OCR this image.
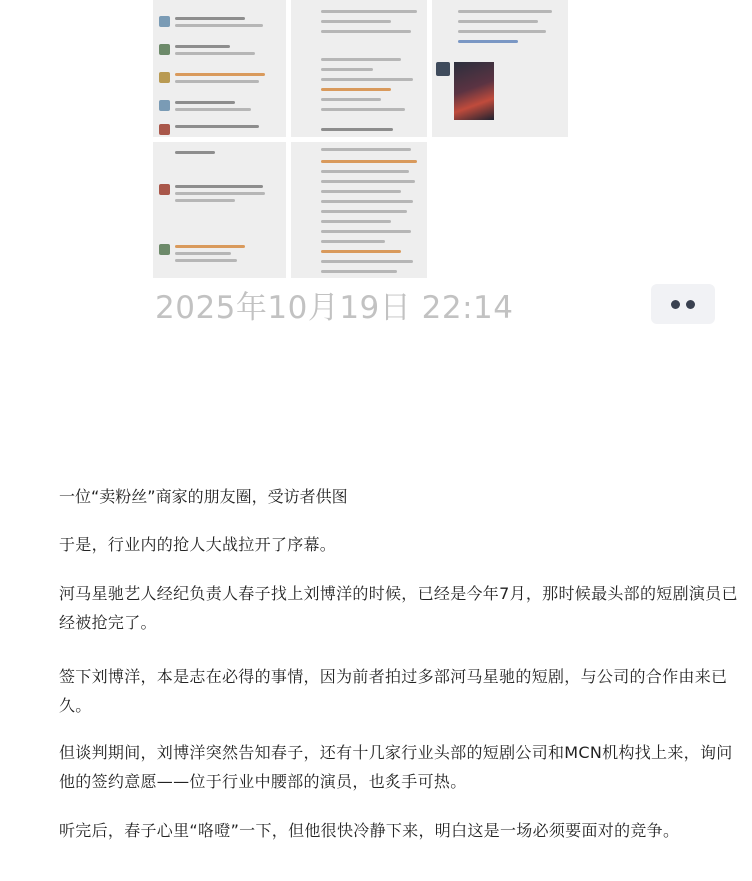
2025年10月19日 22:14
一位“卖粉丝”商家的朋友圈，受访者供图

于是，行业内的抢人大战拉开了序幕。

河马星驰艺人经纪负责人春子找上刘博洋的时候，已经是今年7月，那时候最头部的短剧演员已经被抢完了。

签下刘博洋，本是志在必得的事情，因为前者拍过多部河马星驰的短剧，与公司的合作由来已久。

但谈判期间，刘博洋突然告知春子，还有十几家行业头部的短剧公司和MCN机构找上来，询问他的签约意愿——位于行业中腰部的演员，也炙手可热。

听完后，春子心里“咯噔”一下，但他很快冷静下来，明白这是一场必须要面对的竞争。
